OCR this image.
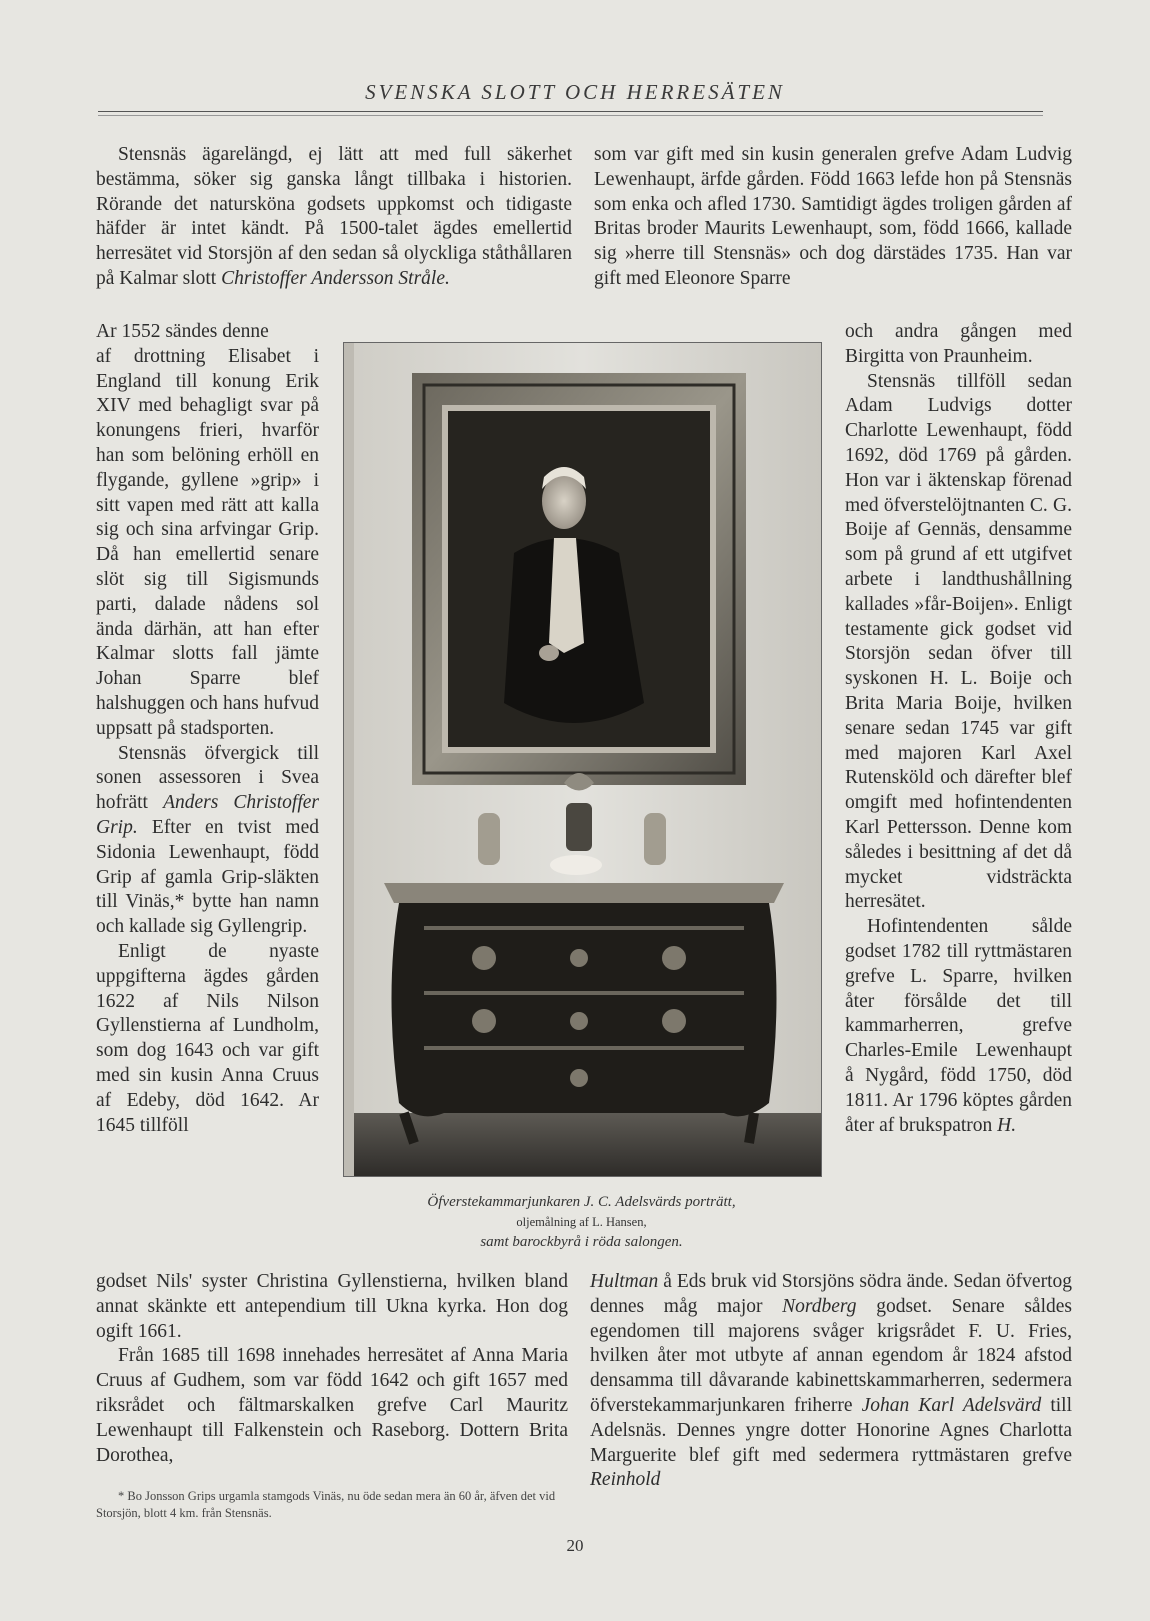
SVENSKA SLOTT OCH HERRESÄTEN

Stensnäs ägarelängd, ej lätt att med full säkerhet bestämma, söker sig ganska långt tillbaka i historien. Rörande det natursköna godsets uppkomst och tidigaste häfder är intet kändt. På 1500-talet ägdes emellertid herresätet vid Storsjön af den sedan så olyckliga ståthållaren på Kalmar slott Christoffer Andersson Stråle.

som var gift med sin kusin generalen grefve Adam Ludvig Lewenhaupt, ärfde gården. Född 1663 lefde hon på Stensnäs som enka och afled 1730. Samtidigt ägdes troligen gården af Britas broder Maurits Lewenhaupt, som, född 1666, kallade sig »herre till Stensnäs» och dog därstädes 1735. Han var gift med Eleonore Sparre

Ar 1552 sändes denne

af drottning Elisabet i England till konung Erik XIV med behagligt svar på konungens frieri, hvarför han som belöning erhöll en flygande, gyllene »grip» i sitt vapen med rätt att kalla sig och sina arfvingar Grip. Då han emellertid senare slöt sig till Sigismunds parti, dalade nådens sol ända därhän, att han efter Kalmar slotts fall jämte Johan Sparre blef halshuggen och hans hufvud uppsatt på stadsporten.

Stensnäs öfvergick till sonen assessoren i Svea hofrätt Anders Christoffer Grip. Efter en tvist med Sidonia Lewenhaupt, född Grip af gamla Grip-släkten till Vinäs,* bytte han namn och kallade sig Gyllengrip.

Enligt de nyaste uppgifterna ägdes gården 1622 af Nils Nilson Gyllenstierna af Lundholm, som dog 1643 och var gift med sin kusin Anna Cruus af Edeby, död 1642. Ar 1645 tillföll

och andra gången med Birgitta von Praunheim.

Stensnäs tillföll sedan Adam Ludvigs dotter Charlotte Lewenhaupt, född 1692, död 1769 på gården. Hon var i äktenskap förenad med öfverstelöjtnanten C. G. Boije af Gennäs, densamme som på grund af ett utgifvet arbete i landthushållning kallades »får-Boijen». Enligt testamente gick godset vid Storsjön sedan öfver till syskonen H. L. Boije och Brita Maria Boije, hvilken senare sedan 1745 var gift med majoren Karl Axel Rutensköld och därefter blef omgift med hofintendenten Karl Pettersson. Denne kom således i besittning af det då mycket vidsträckta herresätet.

Hofintendenten sålde godset 1782 till ryttmästaren grefve L. Sparre, hvilken åter försålde det till kammarherren, grefve Charles-Emile Lewenhaupt å Nygård, född 1750, död 1811. Ar 1796 köptes gården åter af brukspatron H.

Öfverstekammarjunkaren J. C. Adelsvärds porträtt,
oljemålning af L. Hansen,
samt barockbyrå i röda salongen.

godset Nils' syster Christina Gyllenstierna, hvilken bland annat skänkte ett antependium till Ukna kyrka. Hon dog ogift 1661.

Från 1685 till 1698 innehades herresätet af Anna Maria Cruus af Gudhem, som var född 1642 och gift 1657 med riksrådet och fältmarskalken grefve Carl Mauritz Lewenhaupt till Falkenstein och Raseborg. Dottern Brita Dorothea,

Hultman å Eds bruk vid Storsjöns södra ände. Sedan öfvertog dennes måg major Nordberg godset. Senare såldes egendomen till majorens svåger krigsrådet F. U. Fries, hvilken åter mot utbyte af annan egendom år 1824 afstod densamma till dåvarande kabinettskammarherren, sedermera öfverstekammarjunkaren friherre Johan Karl Adelsvärd till Adelsnäs. Dennes yngre dotter Honorine Agnes Charlotta Marguerite blef gift med sedermera ryttmästaren grefve Reinhold

* Bo Jonsson Grips urgamla stamgods Vinäs, nu öde sedan mera än 60 år, äfven det vid Storsjön, blott 4 km. från Stensnäs.
20
